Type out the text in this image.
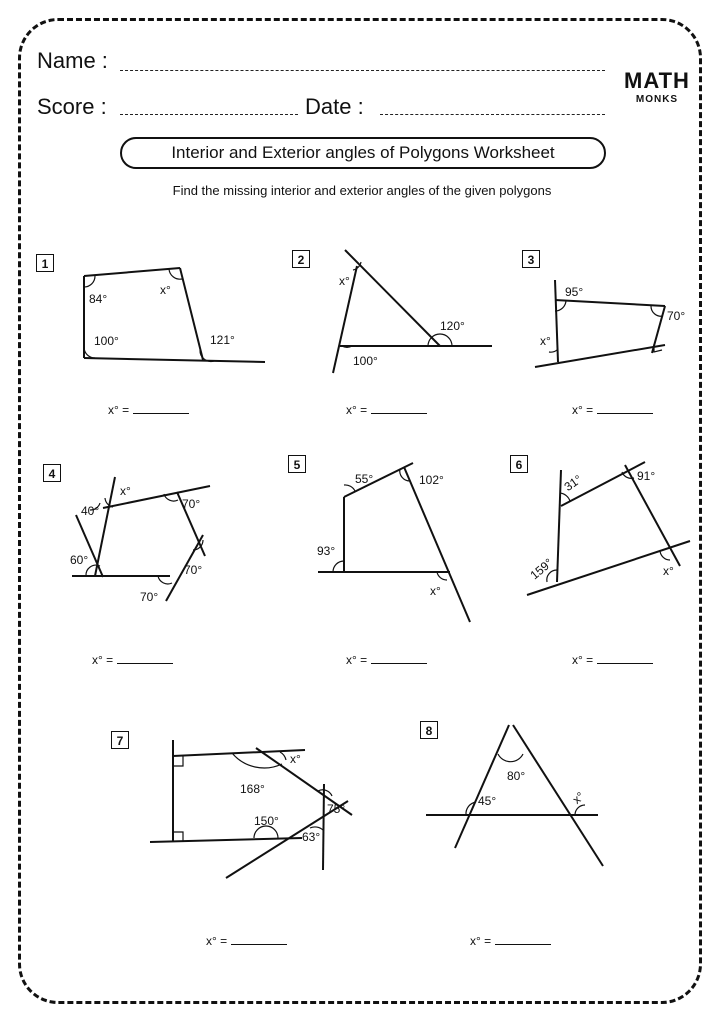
Name :
Score :	Date :
MATH
MONKS
Interior and Exterior angles of Polygons Worksheet
Find the missing interior and exterior angles of the given polygons
1	2	3
4
5	6
7
8
84°
x°
100°	121°
x°
120°
100°
95°
70°
x°
x°
40°	70°
60°
70°
70°
55°	102°
93°
x°
31°	91°
159°	x°
x°
168°
75°
150°
63°
80°
45°	x°
x° =	x° =	x° =
x° =	x° =	x° =
x° =	x° =
